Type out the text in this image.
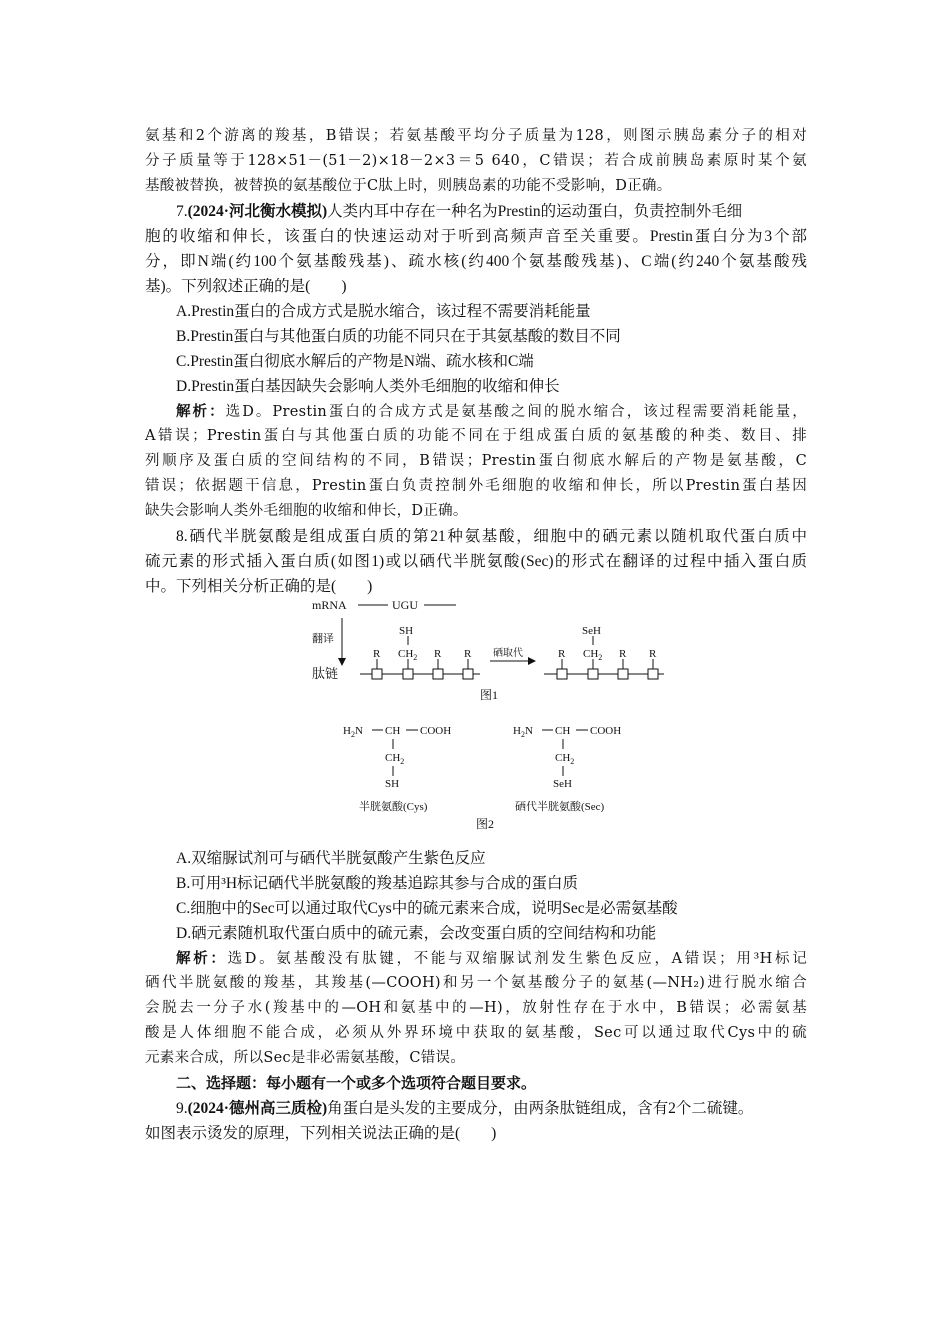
氨基和2个游离的羧基，B错误；若氨基酸平均分子质量为128，则图示胰岛素分子的相对
分子质量等于128×51－(51－2)×18－2×3＝5 640，C错误；若合成前胰岛素原时某个氨
基酸被替换，被替换的氨基酸位于C肽上时，则胰岛素的功能不受影响，D正确。
7.(2024·河北衡水模拟)人类内耳中存在一种名为Prestin的运动蛋白，负责控制外毛细
胞的收缩和伸长，该蛋白的快速运动对于听到高频声音至关重要。Prestin蛋白分为3个部
分，即N端(约100个氨基酸残基)、疏水核(约400个氨基酸残基)、C端(约240个氨基酸残
基)。下列叙述正确的是(　　)
A.Prestin蛋白的合成方式是脱水缩合，该过程不需要消耗能量
B.Prestin蛋白与其他蛋白质的功能不同只在于其氨基酸的数目不同
C.Prestin蛋白彻底水解后的产物是N端、疏水核和C端
D.Prestin蛋白基因缺失会影响人类外毛细胞的收缩和伸长
解析：选D。Prestin蛋白的合成方式是氨基酸之间的脱水缩合，该过程需要消耗能量，
A错误；Prestin蛋白与其他蛋白质的功能不同在于组成蛋白质的氨基酸的种类、数目、排
列顺序及蛋白质的空间结构的不同，B错误；Prestin蛋白彻底水解后的产物是氨基酸，C
错误；依据题干信息，Prestin蛋白负责控制外毛细胞的收缩和伸长，所以Prestin蛋白基因
缺失会影响人类外毛细胞的收缩和伸长，D正确。
8.硒代半胱氨酸是组成蛋白质的第21种氨基酸，细胞中的硒元素以随机取代蛋白质中
硫元素的形式插入蛋白质(如图1)或以硒代半胱氨酸(Sec)的形式在翻译的过程中插入蛋白质
中。下列相关分析正确的是(　　)
mRNA	UGU
翻译
肽链
R
SH
$CH_2$ R R 硒取代	R
SeH
$CH_2$ R R
图1
$H_2N$ CH COOH
$CH_2$
SH
半胱氨酸(Cys)
$H_2N$ CH COOH
$CH_2$
SeH
硒代半胱氨酸(Sec)
图2
A.双缩脲试剂可与硒代半胱氨酸产生紫色反应
B.可用³H标记硒代半胱氨酸的羧基追踪其参与合成的蛋白质
C.细胞中的Sec可以通过取代Cys中的硫元素来合成，说明Sec是必需氨基酸
D.硒元素随机取代蛋白质中的硫元素，会改变蛋白质的空间结构和功能
解析：选D。氨基酸没有肽键，不能与双缩脲试剂发生紫色反应，A错误；用³H标记
硒代半胱氨酸的羧基，其羧基(—COOH)和另一个氨基酸分子的氨基(—NH₂)进行脱水缩合
会脱去一分子水(羧基中的—OH和氨基中的—H)，放射性存在于水中，B错误；必需氨基
酸是人体细胞不能合成，必须从外界环境中获取的氨基酸，Sec可以通过取代Cys中的硫
元素来合成，所以Sec是非必需氨基酸，C错误。
二、选择题：每小题有一个或多个选项符合题目要求。
9.(2024·德州高三质检)角蛋白是头发的主要成分，由两条肽链组成，含有2个二硫键。
如图表示烫发的原理，下列相关说法正确的是(　　)
